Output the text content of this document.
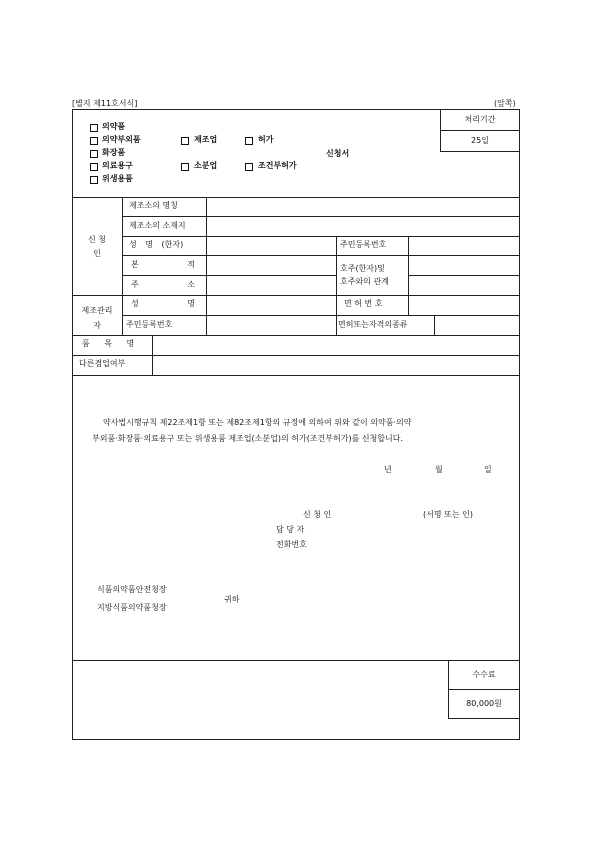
[별지 제11호서식]	(앞쪽)
처리기간
25일
의약품
의약부외품
화장품
의료용구
위생용품
제조업
소분업
허가
조건부허가
신청서
신 청
인
제조소의 명칭
제조소의 소재지
성 명 (한자)	주민등록번호
본 적	호주(한자)및
호주와의 관계
주 소
제조관리
자
성 명	면 허 번 호
주민등록번호	면허또는자격의종류
품 목 명
다른겸업여부
약사법시행규칙 제22조제1항 또는 제82조제1항의 규정에 의하여 위와 같이 의약품·의약
부외품·화장품·의료용구 또는 위생용품 제조업(소분업)의 허가(조건부허가)를 신청합니다.
년	월	일
신 청 인	(서명 또는 인)
담 당 자
전화번호
식품의약품안전청장
지방식품의약품청장
귀하
수수료
80,000원
